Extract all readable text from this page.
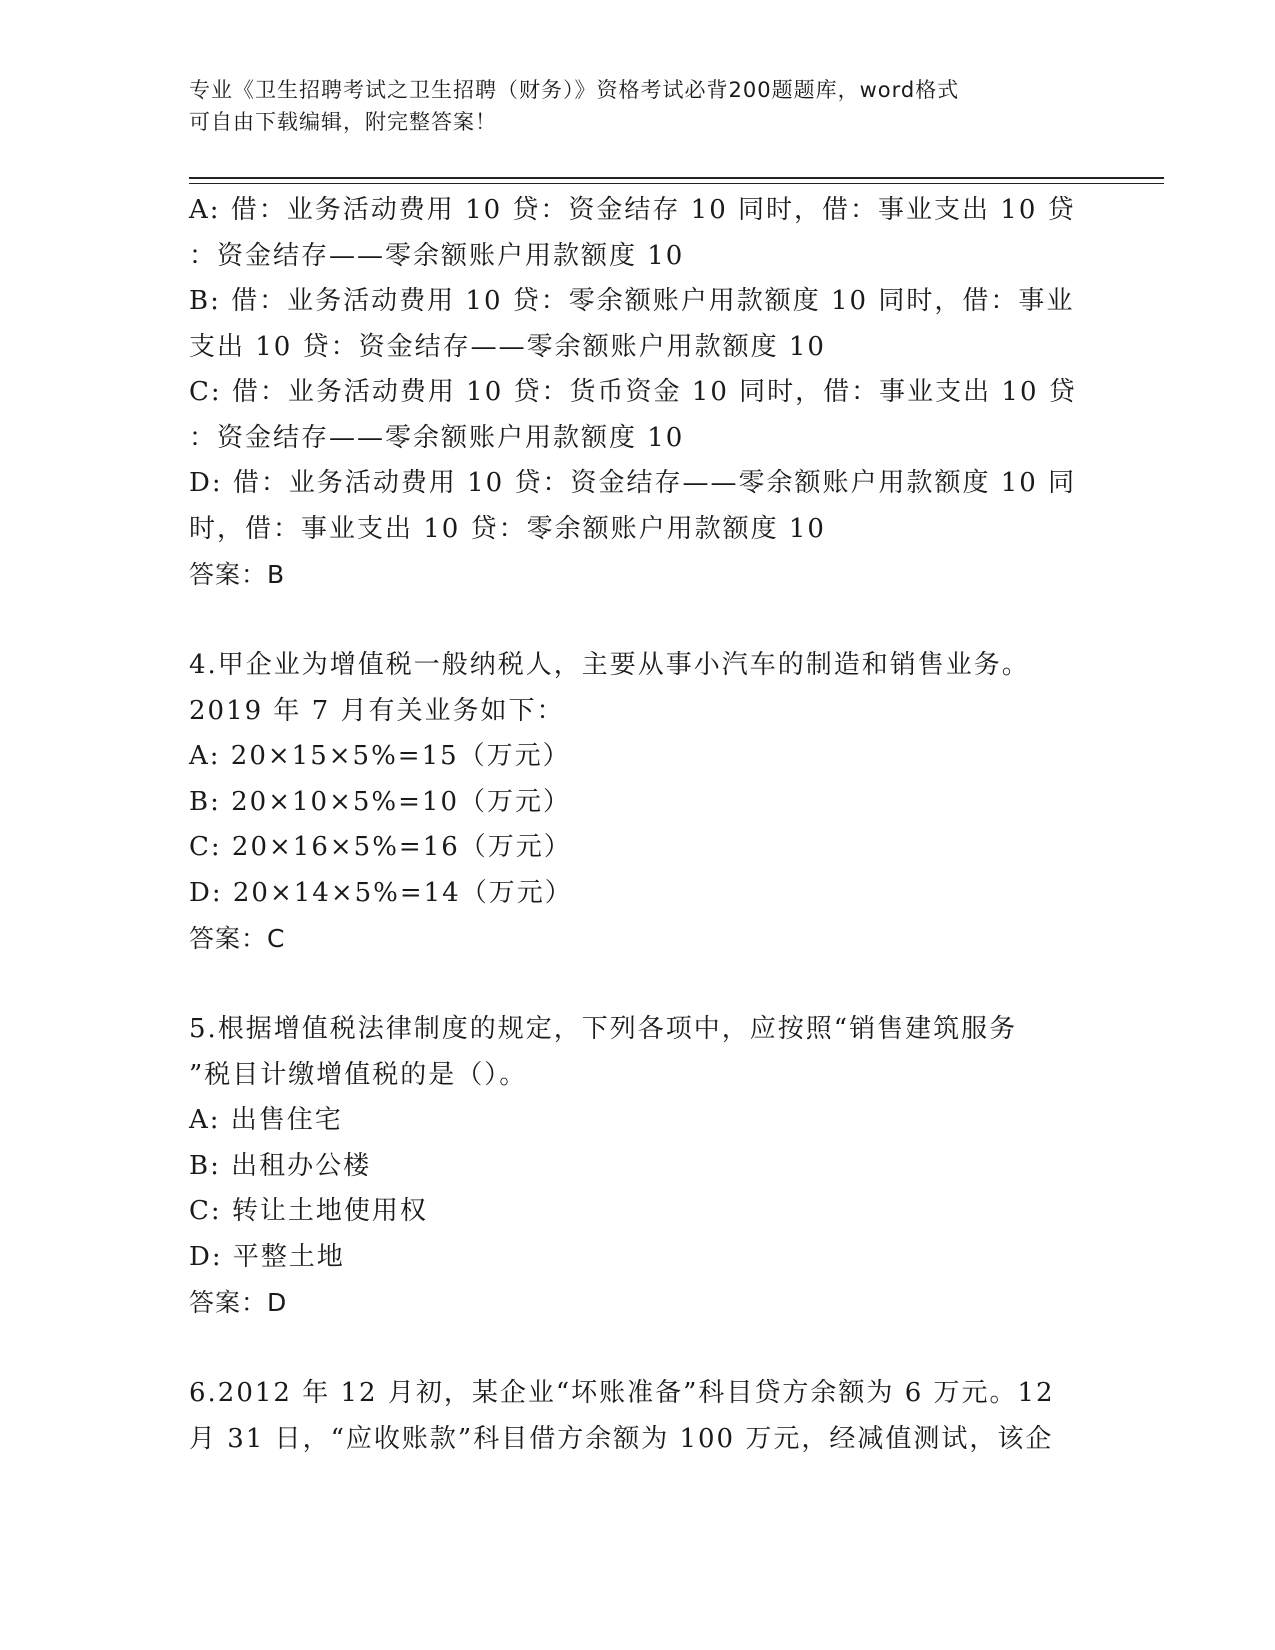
专业《卫生招聘考试之卫生招聘（财务）》资格考试必背200题题库，word格式
可自由下载编辑，附完整答案！
A: 借：业务活动费用 10 贷：资金结存 10 同时，借：事业支出 10 贷
：资金结存——零余额账户用款额度 10
B: 借：业务活动费用 10 贷：零余额账户用款额度 10 同时，借：事业
支出 10 贷：资金结存——零余额账户用款额度 10
C: 借：业务活动费用 10 贷：货币资金 10 同时，借：事业支出 10 贷
：资金结存——零余额账户用款额度 10
D: 借：业务活动费用 10 贷：资金结存——零余额账户用款额度 10 同
时，借：事业支出 10 贷：零余额账户用款额度 10
答案：B
4.甲企业为增值税一般纳税人，主要从事小汽车的制造和销售业务。
2019 年 7 月有关业务如下：
A: 20×15×5%=15（万元）
B: 20×10×5%=10（万元）
C: 20×16×5%=16（万元）
D: 20×14×5%=14（万元）
答案：C
5.根据增值税法律制度的规定，下列各项中，应按照“销售建筑服务
”税目计缴增值税的是（）。
A: 出售住宅
B: 出租办公楼
C: 转让土地使用权
D: 平整土地
答案：D
6.2012 年 12 月初，某企业“坏账准备”科目贷方余额为 6 万元。12
月 31 日，“应收账款”科目借方余额为 100 万元，经减值测试，该企
